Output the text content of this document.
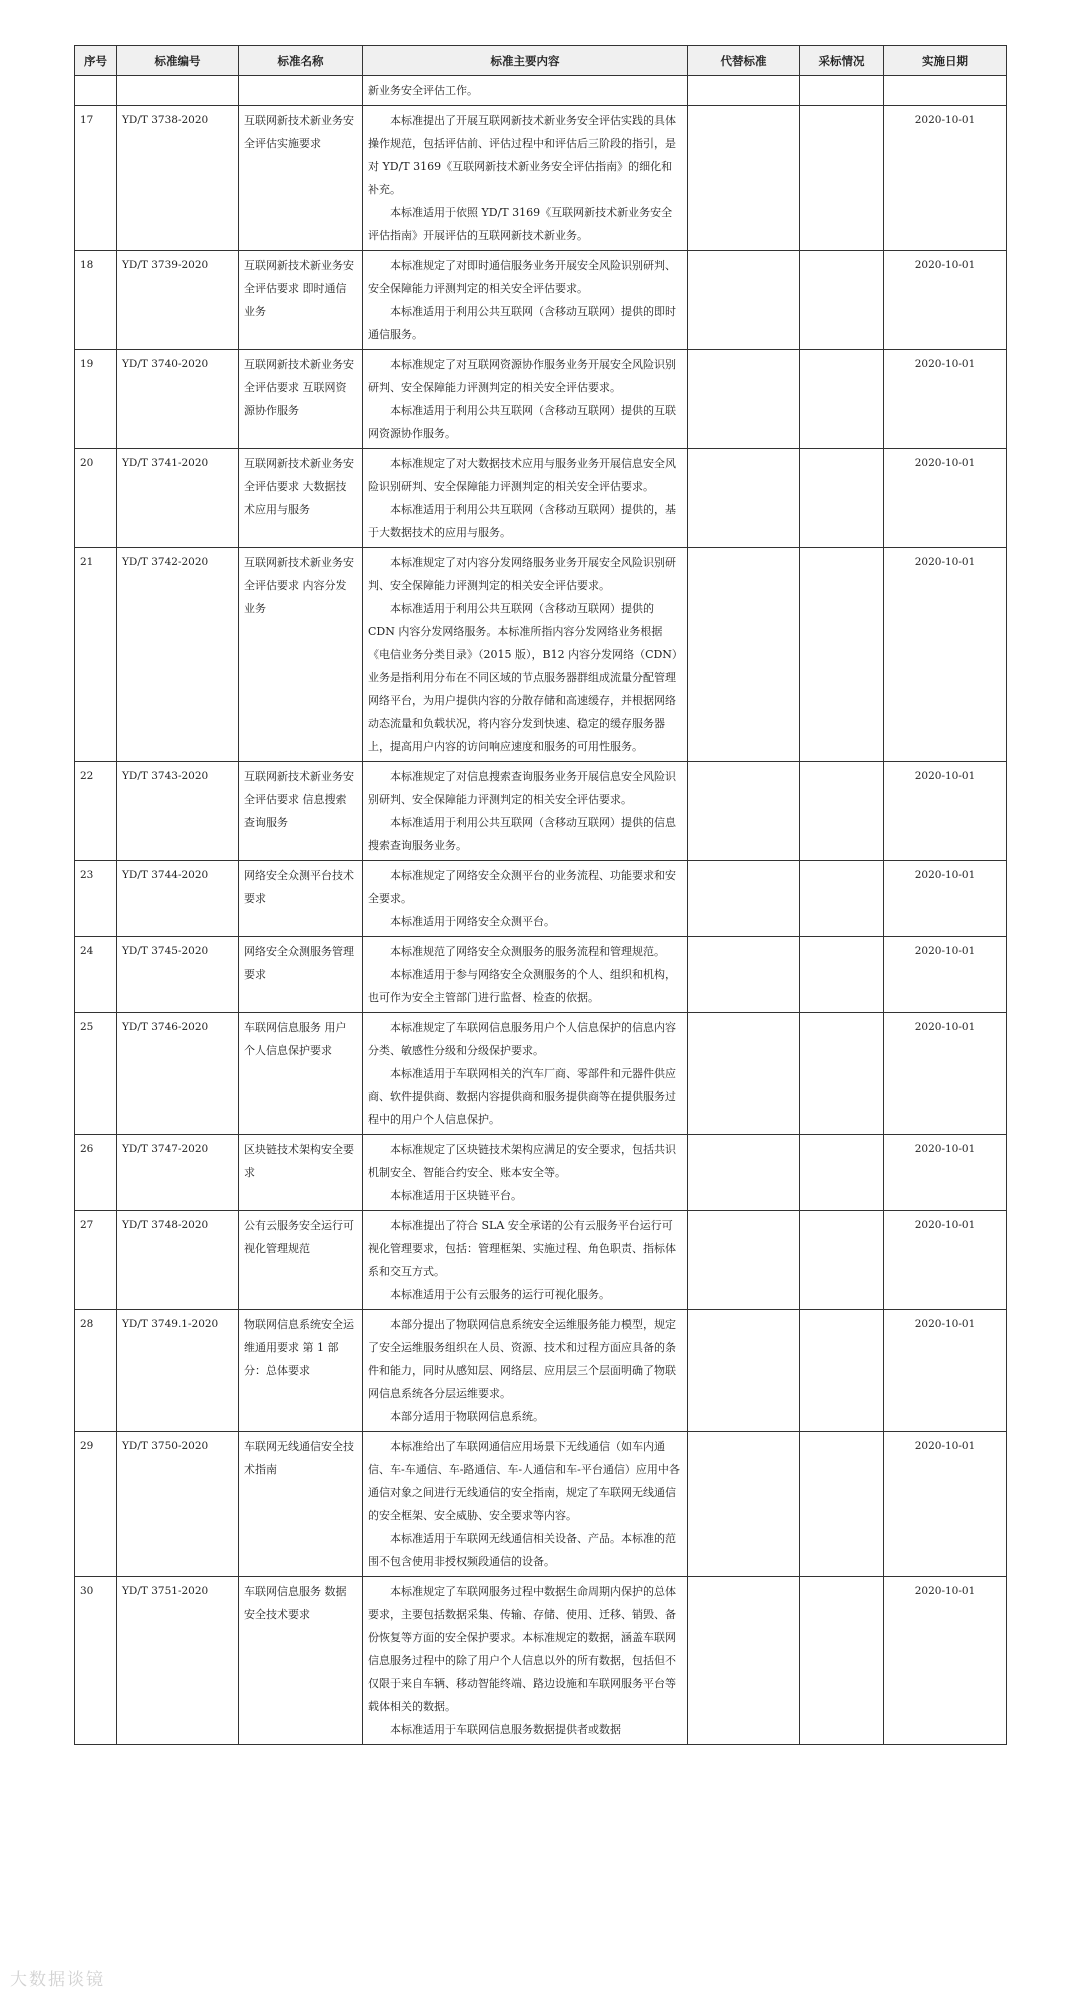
序号	标准编号	标准名称	标准主要内容	代替标准	采标情况	实施日期

			新业务安全评估工作。			

17	YD/T 3738-2020	互联网新技术新业务安全评估实施要求	本标准提出了开展互联网新技术新业务安全评估实践的具体操作规范，包括评估前、评估过程中和评估后三阶段的指引，是对 YD/T 3169《互联网新技术新业务安全评估指南》的细化和补充。

本标准适用于依照 YD/T 3169《互联网新技术新业务安全评估指南》开展评估的互联网新技术新业务。			2020-10-01
18	YD/T 3739-2020	互联网新技术新业务安全评估要求 即时通信业务	本标准规定了对即时通信服务业务开展安全风险识别研判、安全保障能力评测判定的相关安全评估要求。

本标准适用于利用公共互联网（含移动互联网）提供的即时通信服务。			2020-10-01
19	YD/T 3740-2020	互联网新技术新业务安全评估要求 互联网资源协作服务	本标准规定了对互联网资源协作服务业务开展安全风险识别研判、安全保障能力评测判定的相关安全评估要求。

本标准适用于利用公共互联网（含移动互联网）提供的互联网资源协作服务。			2020-10-01
20	YD/T 3741-2020	互联网新技术新业务安全评估要求 大数据技术应用与服务	本标准规定了对大数据技术应用与服务业务开展信息安全风险识别研判、安全保障能力评测判定的相关安全评估要求。

本标准适用于利用公共互联网（含移动互联网）提供的，基于大数据技术的应用与服务。			2020-10-01
21	YD/T 3742-2020	互联网新技术新业务安全评估要求 内容分发业务	本标准规定了对内容分发网络服务业务开展安全风险识别研判、安全保障能力评测判定的相关安全评估要求。

本标准适用于利用公共互联网（含移动互联网）提供的 CDN 内容分发网络服务。本标准所指内容分发网络业务根据《电信业务分类目录》（2015 版），B12 内容分发网络（CDN）业务是指利用分布在不同区域的节点服务器群组成流量分配管理网络平台，为用户提供内容的分散存储和高速缓存，并根据网络动态流量和负载状况，将内容分发到快速、稳定的缓存服务器上，提高用户内容的访问响应速度和服务的可用性服务。			2020-10-01
22	YD/T 3743-2020	互联网新技术新业务安全评估要求 信息搜索查询服务	本标准规定了对信息搜索查询服务业务开展信息安全风险识别研判、安全保障能力评测判定的相关安全评估要求。

本标准适用于利用公共互联网（含移动互联网）提供的信息搜索查询服务业务。			2020-10-01
23	YD/T 3744-2020	网络安全众测平台技术要求	本标准规定了网络安全众测平台的业务流程、功能要求和安全要求。

本标准适用于网络安全众测平台。			2020-10-01
24	YD/T 3745-2020	网络安全众测服务管理要求	本标准规范了网络安全众测服务的服务流程和管理规范。

本标准适用于参与网络安全众测服务的个人、组织和机构，也可作为安全主管部门进行监督、检查的依据。			2020-10-01
25	YD/T 3746-2020	车联网信息服务 用户个人信息保护要求	本标准规定了车联网信息服务用户个人信息保护的信息内容分类、敏感性分级和分级保护要求。

本标准适用于车联网相关的汽车厂商、零部件和元器件供应商、软件提供商、数据内容提供商和服务提供商等在提供服务过程中的用户个人信息保护。			2020-10-01
26	YD/T 3747-2020	区块链技术架构安全要求	本标准规定了区块链技术架构应满足的安全要求，包括共识机制安全、智能合约安全、账本安全等。

本标准适用于区块链平台。			2020-10-01
27	YD/T 3748-2020	公有云服务安全运行可视化管理规范	本标准提出了符合 SLA 安全承诺的公有云服务平台运行可视化管理要求，包括：管理框架、实施过程、角色职责、指标体系和交互方式。

本标准适用于公有云服务的运行可视化服务。			2020-10-01
28	YD/T 3749.1-2020	物联网信息系统安全运维通用要求 第 1 部分：总体要求	本部分提出了物联网信息系统安全运维服务能力模型，规定了安全运维服务组织在人员、资源、技术和过程方面应具备的条件和能力，同时从感知层、网络层、应用层三个层面明确了物联网信息系统各分层运维要求。

本部分适用于物联网信息系统。			2020-10-01
29	YD/T 3750-2020	车联网无线通信安全技术指南	本标准给出了车联网通信应用场景下无线通信（如车内通信、车-车通信、车-路通信、车-人通信和车-平台通信）应用中各通信对象之间进行无线通信的安全指南，规定了车联网无线通信的安全框架、安全威胁、安全要求等内容。

本标准适用于车联网无线通信相关设备、产品。本标准的范围不包含使用非授权频段通信的设备。			2020-10-01
30	YD/T 3751-2020	车联网信息服务 数据安全技术要求	本标准规定了车联网服务过程中数据生命周期内保护的总体要求，主要包括数据采集、传输、存储、使用、迁移、销毁、备份恢复等方面的安全保护要求。本标准规定的数据，涵盖车联网信息服务过程中的除了用户个人信息以外的所有数据，包括但不仅限于来自车辆、移动智能终端、路边设施和车联网服务平台等载体相关的数据。

本标准适用于车联网信息服务数据提供者或数据			2020-10-01
大数据谈镜
